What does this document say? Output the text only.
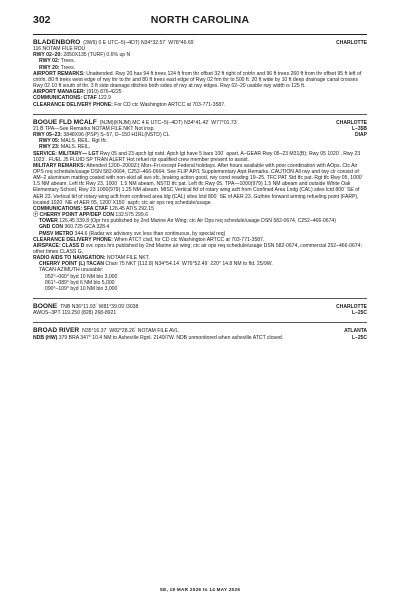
302	NORTH CAROLINA
CHARLOTTE
BLADENBORO (3W6) 0 E UTC–5(–4DT) N34°32.57´ W78°46.69´

116 NOTAM FILE RDU

RWY 02–20: 2850X135 (TURF) 0.6% up N

RWY 02: Trees.

RWY 20: Trees.

AIRPORT REMARKS: Unattended. Rwy 20 has 94 ft trees 124 ft from thr offset 32 ft right of cntrln and 96 ft trees 260 ft from thr offset 95 ft left of cntrln. 80 ft trees west edge of rwy thr to thr and 80 ft trees east edge of Rwy 02 frm thr to 500 ft. 20 ft wide by 10 ft deep drainage canal crosses Rwy 02 10 ft south of thr. 3 ft side drainage ditches both sides of rwy at rwy edges. Rwy 02–20 usable rwy width is 125 ft.

AIRPORT MANAGER: (910) 876-4225

COMMUNICATIONS: CTAF 122.9

CLEARANCE DELIVERY PHONE: For CD ctc Washington ARTCC at 703-771-3587.

CHARLOTTE
L–35B
DIAP
BOGUE FLD MCALF (NJM)(KNJM) MC 4 E UTC–5(–4DT) N34°41.42´ W77°01.73´

21 B TPA—See Remarks NOTAM FILE NKT Not insp.

RWY 05–23: 3848X96 (PSP) S–57, D–150 H1RL(NSTD) CL

RWY 05: MALS. REIL. Rgt tfc.

RWY 23: MALS. REIL.

SERVICE: MILITARY— LGT Rwy 05 and 23 apch lgt nstd. Apch lgt have 5 bars 100´ apart. A–GEAR Rwy 05–23 M31(B); Rwy 05 1020´, Rwy 23 1023´. FUEL J5 FLUID SP TRAN ALERT Hot refuel rqr qualified crew member present to assist.

MILITARY REMARKS: Attended 1200–2000Z‡ Mon–Fri except Federal holidays. After hours available with prior coordination with AOps. Ctc Air OPS req schedule/usage DSN 582-0664, C252–466-0664. See FLIP AP/1 Supplementary Arpt Remarks. CAUTION All rwy and twy clr consist of AM–2 aluminum matting coated with non-skid all avs sfc, braking action good, rwy cond reading 19–25. TFC PAT Std tfc pat. Rgt tfc Rwy 05, 1000´ 1.5 NM abeam. Left tfc Rwy 23, 1000´ 1.5 NM abeam. NSTD tfc pat. Left tfc Rwy 05, TPA—1000(979) 1.5 NM abeam and outside White Oak Elementary School, Rwy 23 1000(979) 1.25 NM abeam. MISC Vertical fkf of rotary wing acft from Confined Area Lndg (CAL) sites lctd 800´ SE of AER 23. Vertical tkf of rotary wing acft from confined area ldg (CAL) sites lctd 800´ SE of AER 23. Guthrie forward arming refueling point (FARP), located 1020´ NE of AER 05, 1200´X150´ asph; ctc air ops req schedule/usage.

COMMUNICATIONS: SFA CTAF 126.45 ATIS 292.15

ⓡ CHERRY POINT APP/DEP CON 132.575 299.6

TOWER 126.45 339.8 (Opr hrs published by 2nd Marine Air Wing; ctc Air Ops req schedule/usage DSN 582-0674, C252–466-0674)

GND CON 360.725 GCA 328.4

PMSV METRO 344.6 (Radar wx advisory svc less than continuous, by special req)

CLEARANCE DELIVERY PHONE: When ATCT clsd, for CD ctc Washington ARTCC at 703-771-3587.

AIRSPACE: CLASS D svc opns hrs published by 2nd Marine air wing; ctc air ops req schedule/usage DSN 582-0674, commercial 252–466-0674; other times CLASS G.

RADIO AIDS TO NAVIGATION: NOTAM FILE NKT.

CHERRY POINT (L) TACAN Chan 75 NKT (112.8) N34°54.14´ W76°52.49´ 220° 14.8 NM to fld. 25/9W.

TACAN AZIMUTH unusable:

052°–060° byd 10 NM blo 3,000´

061°–089° byd 6 NM blo 5,000´

090°–109° byd 10 NM blo 3,000´

CHARLOTTE
L–25C
BOONE TNB N36°11.93´ W81°39.09´/3038

AWOS–3PT 119.250 (828) 268-8921

ATLANTA
L–25C
BROAD RIVER N35°16.37´ W82°28.26´ NOTAM FILE AVL.

NDB (HW) 379 BRA 347° 10.4 NM to Asheville Rgnl. 2149/7W. NDB unmonitored when asheville ATCT closed.

SE, 19 MAR 2026 to 14 MAY 2026
